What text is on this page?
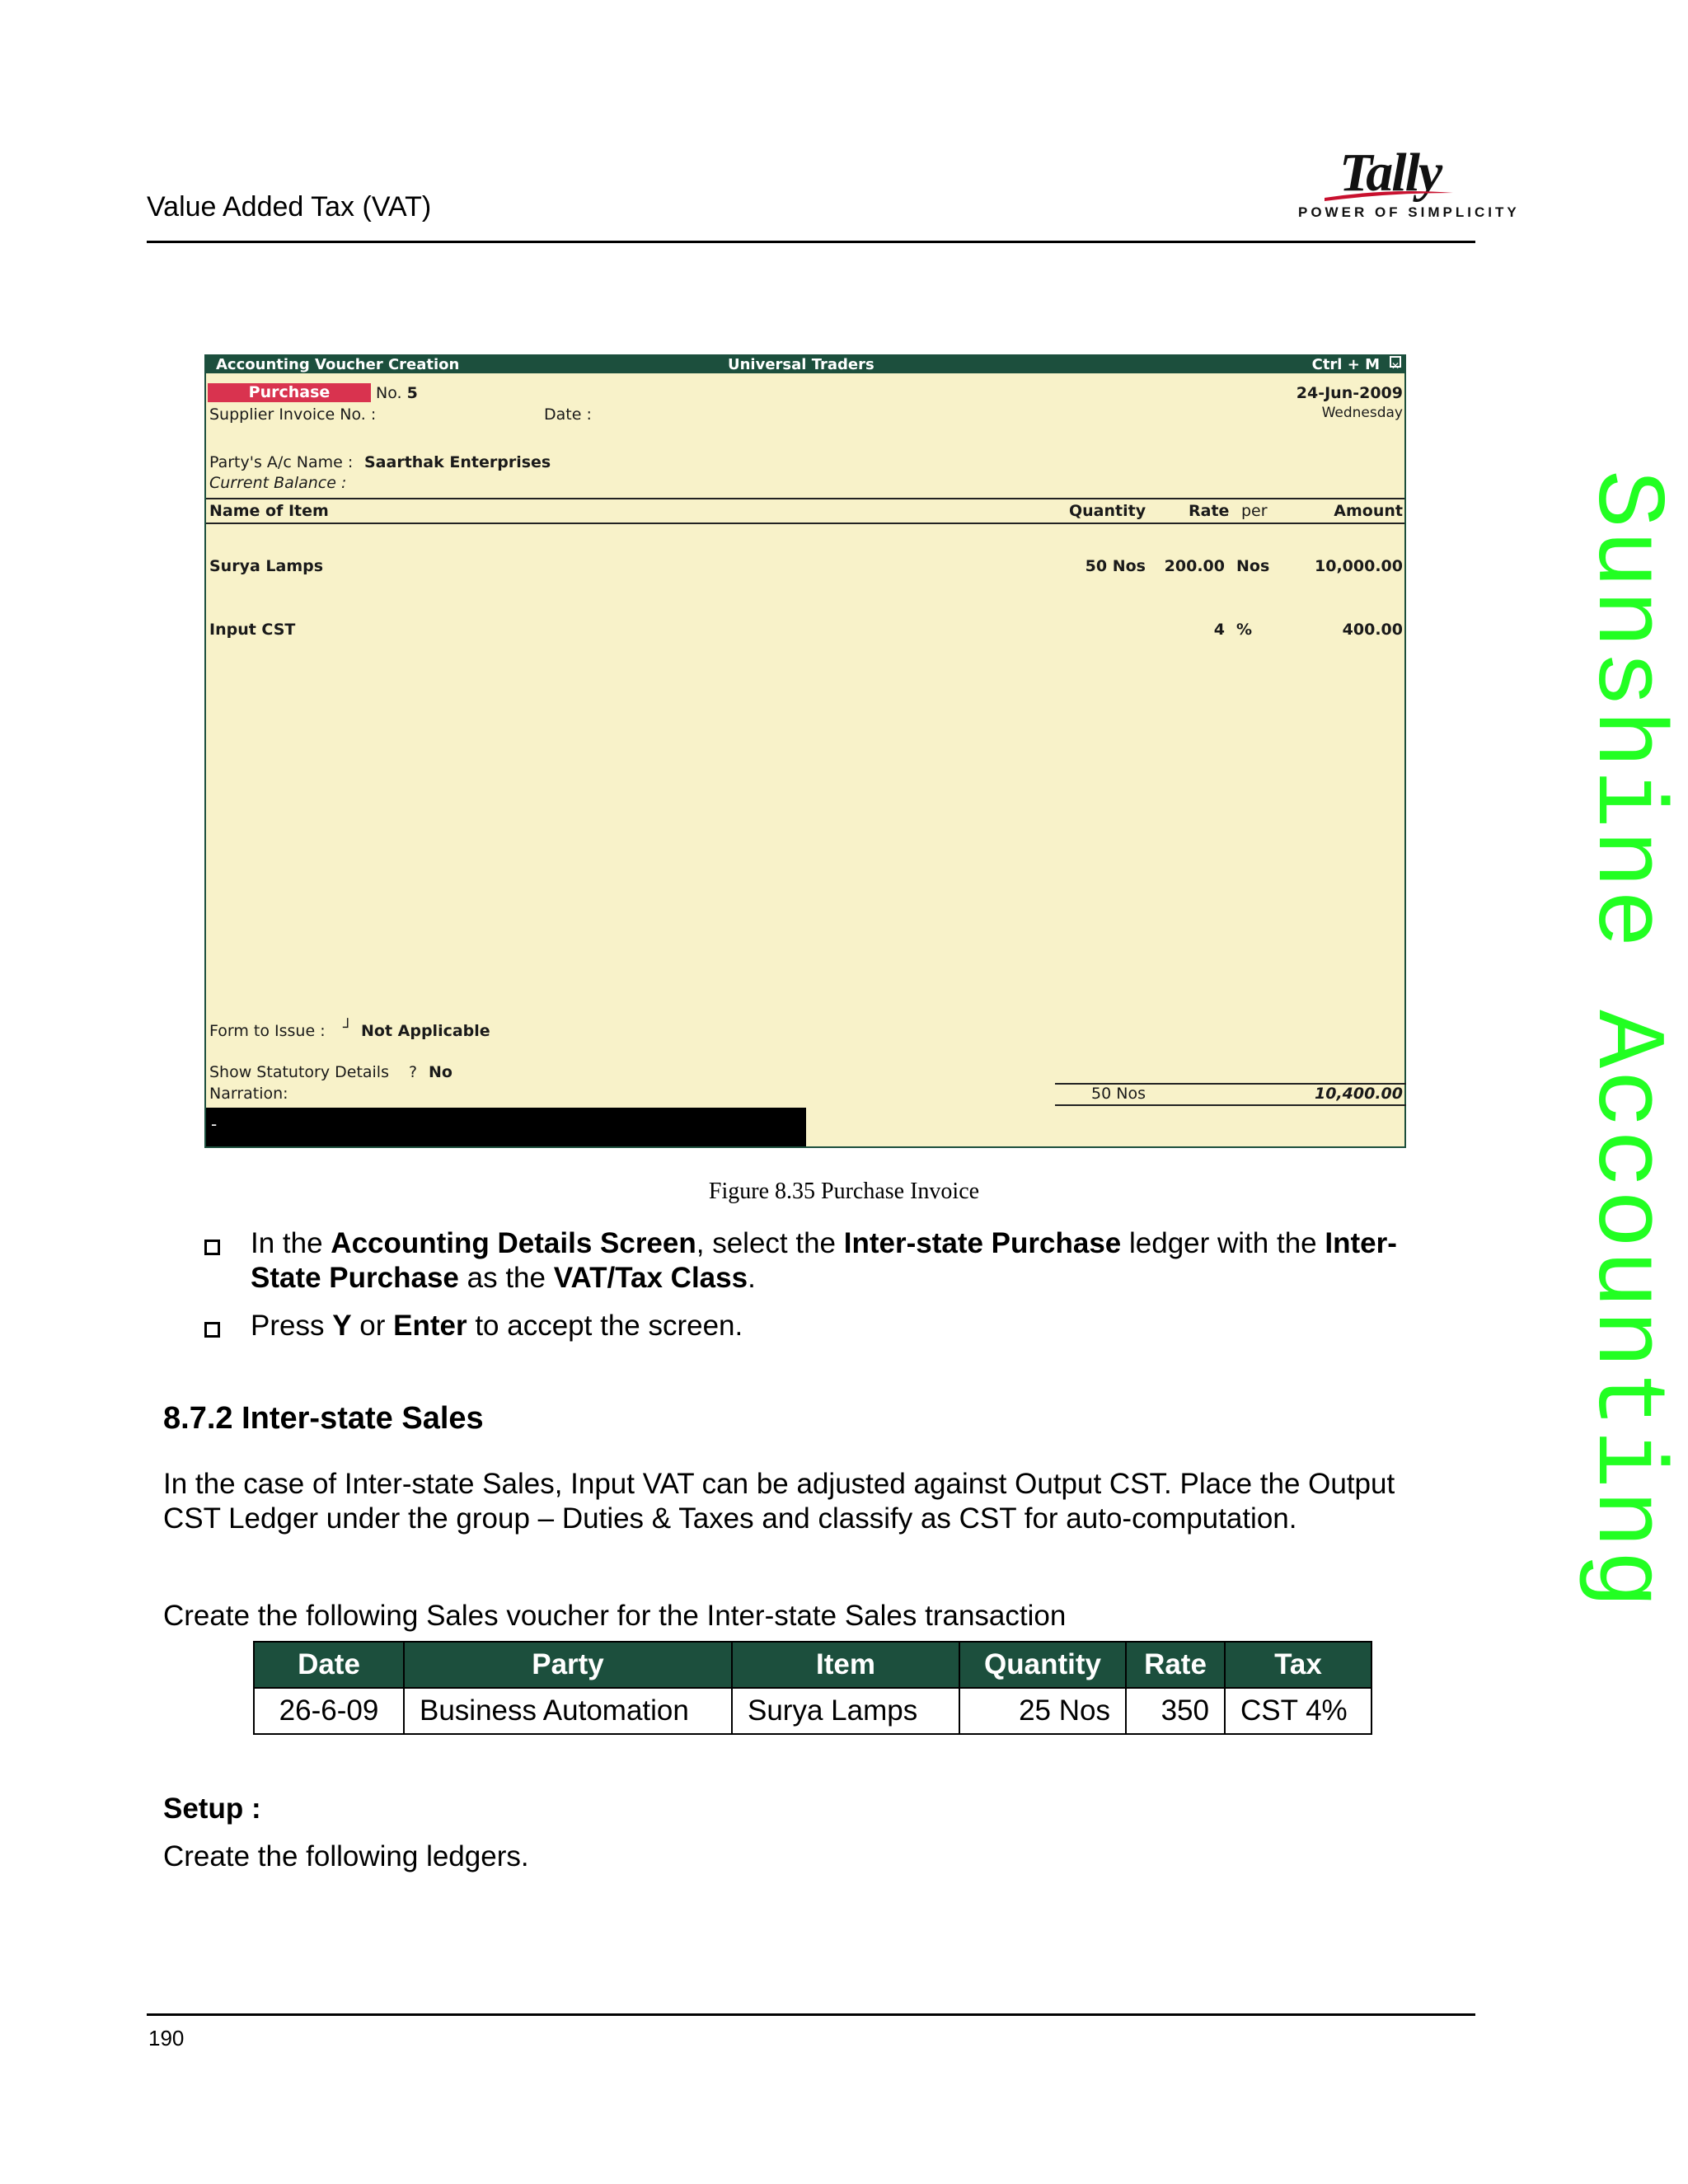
Value Added Tax (VAT)
Tally
POWER OF SIMPLICITY
Sunshine Accounting
Accounting Voucher Creation	Universal Traders	Ctrl + M ✕
Purchase	No. 5	24-Jun-2009
Wednesday
Supplier Invoice No. :	Date :
Party's A/c Name : Saarthak Enterprises
Current Balance :
Name of Item	Quantity	Rate per	Amount
Surya Lamps	50 Nos 200.00 Nos	10,000.00
Input CST	4 %	400.00
Form to Issue : ┘ Not Applicable
Show Statutory Details ? No
Narration:	50 Nos	10,400.00
-
Figure 8.35 Purchase Invoice
In the Accounting Details Screen, select the Inter-state Purchase ledger with the Inter-
State Purchase as the VAT/Tax Class.
Press Y or Enter to accept the screen.
8.7.2 Inter-state Sales
In the case of Inter-state Sales, Input VAT can be adjusted against Output CST. Place the Output
CST Ledger under the group – Duties & Taxes and classify as CST for auto-computation.
Create the following Sales voucher for the Inter-state Sales transaction
Date	Party	Item	Quantity	Rate	Tax
26-6-09	Business Automation	Surya Lamps	25 Nos	350	CST 4%
Setup :
Create the following ledgers.
190
